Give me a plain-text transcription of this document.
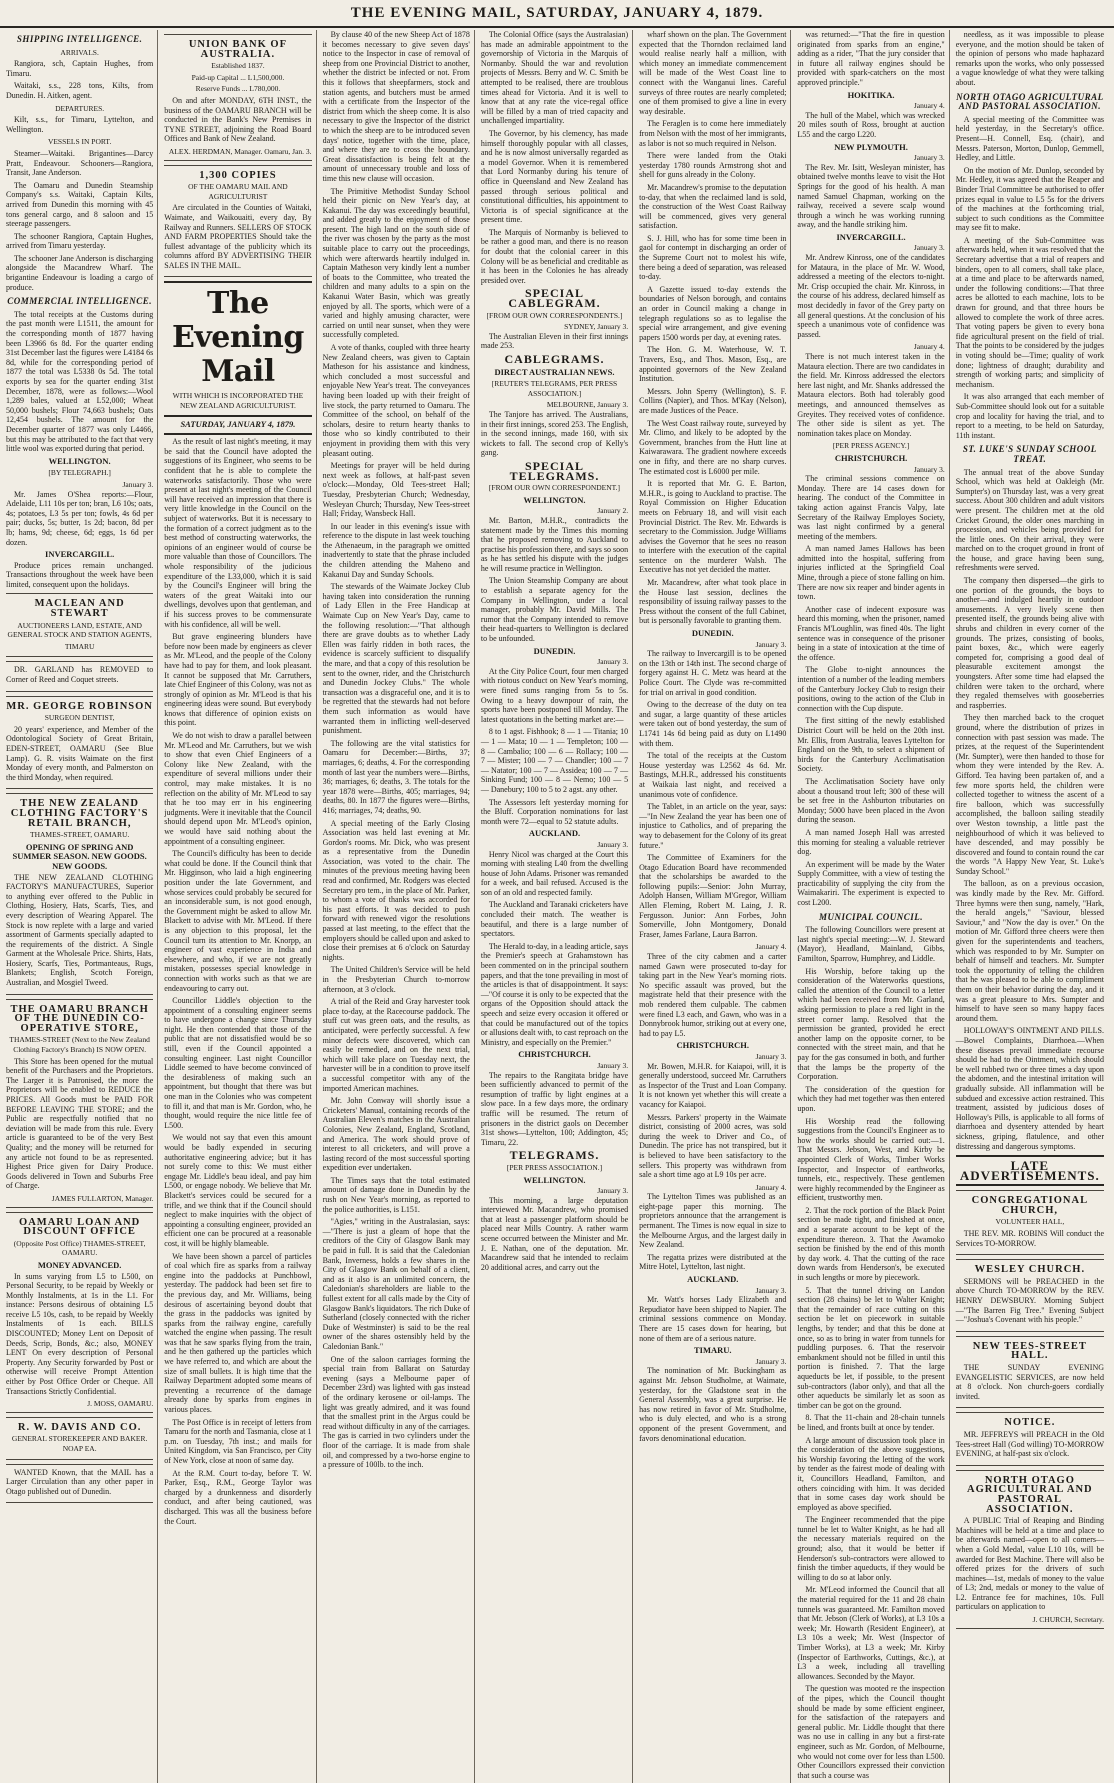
THE EVENING MAIL, SATURDAY, JANUARY 4, 1879.
SHIPPING INTELLIGENCE.
ARRIVALS.

Rangiora, sch, Captain Hughes, from Timaru.

Waitaki, s.s., 228 tons, Kilts, from Dunedin. H. Aitken, agent.

DEPARTURES.

Kilt, s.s., for Timaru, Lyttelton, and Wellington.

VESSELS IN PORT.

Steamer—Waitaki. Brigantines—Darcy Pratt, Endeavour. Schooners—Rangiora, Transit, Jane Anderson.

The Oamaru and Dunedin Steamship Company's s.s. Waitaki, Captain Kilts, arrived from Dunedin this morning with 45 tons general cargo, and 8 saloon and 15 steerage passengers.

The schooner Rangiora, Captain Hughes, arrived from Timaru yesterday.

The schooner Jane Anderson is discharging alongside the Macandrew Wharf. The brigantine Endeavour is loading a cargo of produce.

COMMERCIAL INTELLIGENCE.

The total receipts at the Customs during the past month were L1511, the amount for the corresponding month of 1877 having been L3966 6s 8d. For the quarter ending 31st December last the figures were L4184 6s 8d, while for the corresponding period of 1877 the total was L5338 0s 5d. The total exports by sea for the quarter ending 31st December, 1878, were as follows:—Wool 1,289 bales, valued at L52,000; Wheat 50,000 bushels; Flour 74,663 bushels; Oats 12,454 bushels. The amount for the December quarter of 1877 was only L4466, but this may be attributed to the fact that very little wool was exported during that period.

WELLINGTON.
[BY TELEGRAPH.]
January 3.

Mr. James O'Shea reports:—Flour, Adelaide, L11 10s per ton; bran, L6 10s; oats, 4s; potatoes, L3 5s per ton; fowls, 4s 6d per pair; ducks, 5s; butter, 1s 2d; bacon, 8d per lb; hams, 9d; cheese, 6d; eggs, 1s 6d per dozen.

INVERCARGILL.

Produce prices remain unchanged. Transactions throughout the week have been limited, consequent upon the holidays.

MACLEAN AND STEWART
AUCTIONEERS LAND, ESTATE, AND GENERAL STOCK AND STATION AGENTS,
TIMARU

DR. GARLAND has REMOVED to Corner of Reed and Coquet streets.

MR. GEORGE ROBINSON
SURGEON DENTIST,

20 years' experience, and Member of the Odontological Society of Great Britain, EDEN-STREET, OAMARU (See Blue Lamp). G. R. visits Waimate on the first Monday of every month, and Palmerston on the third Monday, when required.

THE NEW ZEALAND CLOTHING FACTORY'S RETAIL BRANCH,
THAMES-STREET, OAMARU.
OPENING OF SPRING AND SUMMER SEASON. NEW GOODS. NEW GOODS.

THE NEW ZEALAND CLOTHING FACTORY'S MANUFACTURES, Superior to anything ever offered to the Public in Clothing, Hosiery, Hats, Scarfs, Ties, and every description of Wearing Apparel. The Stock is now replete with a large and varied assortment of Garments specially adapted to the requirements of the district. A Single Garment at the Wholesale Price. Shirts, Hats, Hosiery, Scarfs, Ties, Portmanteaus, Rugs, Blankets; English, Scotch Foreign, Australian, and Mosgiel Tweed.

THE OAMARU BRANCH OF THE DUNEDIN CO-OPERATIVE STORE,
THAMES-STREET (Next to the New Zealand Clothing Factory's Branch) IS NOW OPEN.

This Store has been opened for the mutual benefit of the Purchasers and the Proprietors. The Larger it is Patronised, the more the Proprietors will be enabled to REDUCE the PRICES. All Goods must be PAID FOR BEFORE LEAVING THE STORE; and the Public are respectfully notified that no deviation will be made from this rule. Every article is guaranteed to be of the very Best Quality; and the money will be returned for any article not found to be as represented. Highest Price given for Dairy Produce. Goods delivered in Town and Suburbs Free of Charge.

JAMES FULLARTON, Manager.
OAMARU LOAN AND DISCOUNT OFFICE
(Opposite Post Office) THAMES-STREET, OAMARU.
MONEY ADVANCED.

In sums varying from L5 to L500, on Personal Security, to be repaid by Weekly or Monthly Instalments, at 1s in the L1. For instance: Persons desirous of obtaining L5 receive L5 10s, cash, to be repaid by Weekly Instalments of 1s each. BILLS DISCOUNTED; Money Lent on Deposit of Deeds, Scrip, Bonds, &c.; also, MONEY LENT On every description of Personal Property. Any Security forwarded by Post or otherwise will receive Prompt Attention either by Post Office Order or Cheque. All Transactions Strictly Confidential.

J. MOSS, OAMARU.
R. W. DAVIS AND CO.
GENERAL STOREKEEPER AND BAKER. NOAP EA.

WANTED Known, that the MAIL has a Larger Circulation than any other paper in Otago published out of Dunedin.

UNION BANK OF AUSTRALIA.
Established 1837.
Paid-up Capital ... L1,500,000.
Reserve Funds ... L780,000.

On and after MONDAY, 6TH INST., the business of the OAMARU BRANCH will be conducted in the Bank's New Premises in TYNE STREET, adjoining the Road Board Offices and Bank of New Zealand.

ALEX. HERDMAN, Manager. Oamaru, Jan. 3.
1,300 COPIES
OF THE OAMARU MAIL AND AGRICULTURIST

Are circulated in the Counties of Waitaki, Waimate, and Waikouaiti, every day, By Railway and Runners. SELLERS OF STOCK AND FARM PROPERTIES Should take the fullest advantage of the publicity which its columns afford BY ADVERTISING THEIR SALES IN THE MAIL.

The Evening Mail
WITH WHICH IS INCORPORATED THE NEW ZEALAND AGRICULTURIST.
SATURDAY, JANUARY 4, 1879.

As the result of last night's meeting, it may be said that the Council have adopted the suggestions of its Engineer, who seems to be confident that he is able to complete the waterworks satisfactorily. Those who were present at last night's meeting of the Council will have received an impression that there is very little knowledge in the Council on the subject of waterworks. But it is necessary to the formation of a correct judgment as to the best method of constructing waterworks, the opinions of an engineer would of course be more valuable than those of Councillors. The whole responsibility of the judicious expenditure of the L33,000, which it is said by the Council's Engineer will bring the waters of the great Waitaki into our dwellings, devolves upon that gentleman, and if his success proves to be commensurate with his confidence, all will be well.

But grave engineering blunders have before now been made by engineers as clever as Mr. M'Leod, and the people of the Colony have had to pay for them, and look pleasant. It cannot be supposed that Mr. Carruthers, late Chief Engineer of this Colony, was not as strongly of opinion as Mr. M'Leod is that his engineering ideas were sound. But everybody knows that difference of opinion exists on this point.

We do not wish to draw a parallel between Mr. M'Leod and Mr. Carruthers, but we wish to show that even Chief Engineers of a Colony like New Zealand, with the expenditure of several millions under their control, may make mistakes. It is no reflection on the ability of Mr. M'Leod to say that he too may err in his engineering judgments. Were it inevitable that the Council should depend upon Mr. M'Leod's opinion, we would have said nothing about the appointment of a consulting engineer.

The Council's difficulty has been to decide what could be done. If the Council think that Mr. Higginson, who laid a high engineering position under the late Government, and whose services could probably be secured for an inconsiderable sum, is not good enough, the Government might be asked to allow Mr. Blackett to advise with Mr. M'Leod. If there is any objection to this proposal, let the Council turn its attention to Mr. Knorpp, an engineer of vast experience in India and elsewhere, and who, if we are not greatly mistaken, possesses special knowledge in connection with works such as that we are endeavouring to carry out.

Councillor Liddle's objection to the appointment of a consulting engineer seems to have undergone a change since Thursday night. He then contended that those of the public that are not dissatisfied would be so still, even if the Council appointed a consulting engineer. Last night Councillor Liddle seemed to have become convinced of the desirableness of making such an appointment, but thought that there was but one man in the Colonies who was competent to fill it, and that man is Mr. Gordon, who, he thought, would require the nice little fee of L500.

We would not say that even this amount would be badly expended in securing authoritative engineering advice; but it has not surely come to this: We must either engage Mr. Liddle's beau ideal, and pay him L500, or engage nobody. We believe that Mr. Blackett's services could be secured for a trifle, and we think that if the Council should neglect to make inquiries with the object of appointing a consulting engineer, provided an efficient one can be procured at a reasonable cost, it will be highly blameable.

We have been shown a parcel of particles of coal which fire as sparks from a railway engine into the paddocks at Punchbowl, yesterday. The paddock had been set fire to the previous day, and Mr. Williams, being desirous of ascertaining beyond doubt that the grass in the paddocks was ignited by sparks from the railway engine, carefully watched the engine when passing. The result was that he saw sparks flying from the train, and he then gathered up the particles which we have referred to, and which are about the size of small bullets. It is high time that the Railway Department adopted some means of preventing a recurrence of the damage already done by sparks from engines in various places.

The Post Office is in receipt of letters from Tamaru for the north and Tasmania, close at 1 p.m. on Tuesday, 7th inst.; and mails for United Kingdom, via San Francisco, per City of New York, close at noon of same day.

At the R.M. Court to-day, before T. W. Parker, Esq., R.M., George Taylor was charged by a drunkenness and disorderly conduct, and after being cautioned, was discharged. This was all the business before the Court.

By clause 40 of the new Sheep Act of 1878 it becomes necessary to give seven days' notice to the Inspector in case of removal of sheep from one Provincial District to another, whether the district be infected or not. From this it follows that sheepfarmers, stock and station agents, and butchers must be armed with a certificate from the Inspector of the district from which the sheep come. It is also necessary to give the Inspector of the district to which the sheep are to be introduced seven days' notice, together with the time, place, and where they are to cross the boundary. Great dissatisfaction is being felt at the amount of unnecessary trouble and loss of time this new clause will occasion.

The Primitive Methodist Sunday School held their picnic on New Year's day, at Kakanui. The day was exceedingly beautiful, and added greatly to the enjoyment of those present. The high land on the south side of the river was chosen by the party as the most suitable place to carry out the proceedings, which were afterwards heartily indulged in. Captain Matheson very kindly lent a number of boats to the Committee, who treated the children and many adults to a spin on the Kakanui Water Basin, which was greatly enjoyed by all. The sports, which were of a varied and highly amusing character, were carried on until near sunset, when they were successfully completed.

A vote of thanks, coupled with three hearty New Zealand cheers, was given to Captain Matheson for his assistance and kindness, which concluded a most successful and enjoyable New Year's treat. The conveyances having been loaded up with their freight of live stock, the party returned to Oamaru. The Committee of the school, on behalf of the scholars, desire to return hearty thanks to those who so kindly contributed to their enjoyment in providing them with this very pleasant outing.

Meetings for prayer will be held during next week as follows, at half-past seven o'clock:—Monday, Old Tees-street Hall; Tuesday, Presbyterian Church; Wednesday, Wesleyan Church; Thursday, New Tees-street Hall; Friday, Wansbeck Hall.

In our leader in this evening's issue with reference to the dispute in last week touching the Athenaeum, in the paragraph we omitted inadvertently to state that the phrase included the children attending the Maheno and Kakanui Day and Sunday Schools.

The stewards of the Waimate Jockey Club having taken into consideration the running of Lady Ellen in the Free Handicap at Waimate Cup on New Year's Day, came to the following resolution:—"That although there are grave doubts as to whether Lady Ellen was fairly ridden in both races, the evidence is scarcely sufficient to disqualify the mare, and that a copy of this resolution be sent to the owner, rider, and the Christchurch and Dunedin Jockey Clubs." The whole transaction was a disgraceful one, and it is to be regretted that the stewards had not before them such information as would have warranted them in inflicting well-deserved punishment.

The following are the vital statistics for Oamaru for December:—Births, 37; marriages, 6; deaths, 4. For the corresponding month of last year the numbers were—Births, 36; marriages, 6; deaths, 3. The totals for the year 1878 were—Births, 405; marriages, 94; deaths, 80. In 1877 the figures were—Births, 416; marriages, 74; deaths, 90.

A special meeting of the Early Closing Association was held last evening at Mr. Gordon's rooms. Mr. Dick, who was present as a representative from the Dunedin Association, was voted to the chair. The minutes of the previous meeting having been read and confirmed, Mr. Rodgers was elected Secretary pro tem., in the place of Mr. Parker, to whom a vote of thanks was accorded for his past efforts. It was decided to push forward with renewed vigor the resolutions passed at last meeting, to the effect that the employers should be called upon and asked to close their premises at 6 o'clock on Saturday nights.

The United Children's Service will be held in the Presbyterian Church to-morrow afternoon, at 3 o'clock.

A trial of the Reid and Gray harvester took place to-day, at the Racecourse paddock. The stuff cut was green oats, and the results, as anticipated, were perfectly successful. A few minor defects were discovered, which can easily be remedied, and on the next trial, which will take place on Tuesday next, the harvester will be in a condition to prove itself a successful competitor with any of the imported American machines.

Mr. John Conway will shortly issue a Cricketers' Manual, containing records of the Australian Eleven's matches in the Australian Colonies, New Zealand, England, Scotland, and America. The work should prove of interest to all cricketers, and will prove a lasting record of the most successful sporting expedition ever undertaken.

The Times says that the total estimated amount of damage done in Dunedin by the rush on New Year's morning, as reported to the police authorities, is L151.

"Agies," writing in the Australasian, says:—"There is just a gleam of hope that the creditors of the City of Glasgow Bank may be paid in full. It is said that the Caledonian Bank, Inverness, holds a few shares in the City of Glasgow Bank on behalf of a client, and as it also is an unlimited concern, the Caledonian's shareholders are liable to the fullest extent for all calls made by the City of Glasgow Bank's liquidators. The rich Duke of Sutherland (closely connected with the richer Duke of Westminster) is said to be the real owner of the shares ostensibly held by the Caledonian Bank."

One of the saloon carriages forming the special train from Ballarat on Saturday evening (says a Melbourne paper of December 23rd) was lighted with gas instead of the ordinary kerosene or oil-lamps. The light was greatly admired, and it was found that the smallest print in the Argus could be read without difficulty in any of the carriages. The gas is carried in two cylinders under the floor of the carriage. It is made from shale oil, and compressed by a two-horse engine to a pressure of 100lb. to the inch.

The Colonial Office (says the Australasian) has made an admirable appointment to the governorship of Victoria in the Marquis of Normanby. Should the war and revolution projects of Messrs. Berry and W. C. Smith be attempted to be realised, there are troublous times ahead for Victoria. And it is well to know that at any rate the vice-regal office will be filled by a man of tried capacity and unchallenged impartiality.

The Governor, by his clemency, has made himself thoroughly popular with all classes, and he is now almost universally regarded as a model Governor. When it is remembered that Lord Normanby during his tenure of office in Queensland and New Zealand has passed through serious political and constitutional difficulties, his appointment to Victoria is of special significance at the present time.

The Marquis of Normanby is believed to be rather a good man, and there is no reason for doubt that the colonial career in this Colony will be as beneficial and creditable as it has been in the Colonies he has already presided over.

SPECIAL CABLEGRAM.
[FROM OUR OWN CORRESPONDENTS.]
SYDNEY, January 3.

The Australian Eleven in their first innings made 253.

CABLEGRAMS.
DIRECT AUSTRALIAN NEWS.
[REUTER'S TELEGRAMS, PER PRESS ASSOCIATION.]
MELBOURNE, January 3.

The Tanjore has arrived. The Australians, in their first innings, scored 253. The English, in the second innings, made 160, with six wickets to fall. The second crop of Kelly's gang.

SPECIAL TELEGRAMS.
[FROM OUR OWN CORRESPONDENT.]
WELLINGTON.
January 2.

Mr. Barton, M.H.R., contradicts the statement made by the Times this morning that he proposed removing to Auckland to practise his profession there, and says so soon as he has settled his dispute with the judges he will resume practice in Wellington.

The Union Steamship Company are about to establish a separate agency for the Company in Wellington, under a local manager, probably Mr. David Mills. The rumor that the Company intended to remove their head-quarters to Wellington is declared to be unfounded.

DUNEDIN.
January 3.

At the City Police Court, four men charged with riotous conduct on New Year's morning, were fined sums ranging from 5s to 5s. Owing to a heavy downpour of rain, the sports have been postponed till Monday. The latest quotations in the betting market are:—

8 to 1 agst. Fishhook; 8 — 1 — Titania; 10 — 1 — Mata; 10 — 1 — Templeton; 100 — 8 — Cambalio; 100 — 6 — Rollacy; 100 — 7 — Mister; 100 — 7 — Chandler; 100 — 7 — Natator; 100 — 7 — Assidea; 100 — 7 — Sinking Fund; 100 — 8 — Nemo; 100 — 5 — Danebury; 100 to 5 to 2 agst. any other.

The Assessors left yesterday morning for the Bluff. Corporation nominations for last month were 72—equal to 52 statute adults.

AUCKLAND.
January 3.

Henry Nicol was charged at the Court this morning with stealing L40 from the dwelling house of John Adams. Prisoner was remanded for a week, and bail refused. Accused is the son of an old and respected family.

The Auckland and Taranaki cricketers have concluded their match. The weather is beautiful, and there is a large number of spectators.

The Herald to-day, in a leading article, says the Premier's speech at Grahamstown has been commented on in the principal southern papers, and that the tone prevailing in most of the articles is that of disappointment. It says:—"Of course it is only to be expected that the organs of the Opposition should attack the speech and seize every occasion it offered or that could be manufactured out of the topics or allusions dealt with, to cast reproach on the Ministry, and especially on the Premier."

CHRISTCHURCH.
January 3.

The repairs to the Rangitata bridge have been sufficiently advanced to permit of the resumption of traffic by light engines at a slow pace. In a few days more, the ordinary traffic will be resumed. The return of prisoners in the district gaols on December 31st shows—Lyttelton, 100; Addington, 45; Timaru, 22.

TELEGRAMS.
[PER PRESS ASSOCIATION.]
WELLINGTON.
January 3.

This morning, a large deputation interviewed Mr. Macandrew, who promised that at least a passenger platform should be placed near Mills Country. A rather warm scene occurred between the Minister and Mr. J. E. Nathan, one of the deputation. Mr. Macandrew said that he intended to reclaim 20 additional acres, and carry out the

wharf shown on the plan. The Government expected that the Thorndon reclaimed land would realise nearly half a million, with which money an immediate commencement will be made of the West Coast line to connect with the Wanganui lines. Careful surveys of three routes are nearly completed; one of them promised to give a line in every way desirable.

The Feraglen is to come here immediately from Nelson with the most of her immigrants, as labor is not so much required in Nelson.

There were landed from the Otaki yesterday 1780 rounds Armstrong shot and shell for guns already in the Colony.

Mr. Macandrew's promise to the deputation to-day, that when the reclaimed land is sold, the construction of the West Coast Railway will be commenced, gives very general satisfaction.

S. J. Hill, who has for some time been in gaol for contempt in discharging an order of the Supreme Court not to molest his wife, there being a deed of separation, was released to-day.

A Gazette issued to-day extends the boundaries of Nelson borough, and contains an order in Council making a change in telegraph regulations so as to legalise the special wire arrangement, and give evening papers 1500 words per day, at evening rates.

The Hon. G. M. Waterhouse, W. T. Travers, Esq., and Thos. Mason, Esq., are appointed governors of the New Zealand Institution.

Messrs. John Sperry (Wellington), S. F. Collins (Napier), and Thos. M'Kay (Nelson), are made Justices of the Peace.

The West Coast railway route, surveyed by Mr. Climo, and likely to be adopted by the Government, branches from the Hutt line at Kaiwarawara. The gradient nowhere exceeds one in fifty, and there are no sharp curves. The estimated cost is L6000 per mile.

It is reported that Mr. G. E. Barton, M.H.R., is going to Auckland to practise. The Royal Commission on Higher Education meets on February 18, and will visit each Provincial District. The Rev. Mr. Edwards is secretary to the Commission. Judge Williams advises the Governor that he sees no reason to interfere with the execution of the capital sentence on the murderer Walsh. The Executive has not yet decided the matter.

Mr. Macandrew, after what took place in the House last session, declines the responsibility of issuing railway passes to the Press without the consent of the full Cabinet, but is personally favorable to granting them.

DUNEDIN.
January 3.

The railway to Invercargill is to be opened on the 13th or 14th inst. The second charge of forgery against H. C. Metz was heard at the Police Court. The Clyde was re-committed for trial on arrival in good condition.

Owing to the decrease of the duty on tea and sugar, a large quantity of these articles were taken out of bond yesterday, the sum of L1741 14s 6d being paid as duty on L1490 with them.

The total of the receipts at the Custom House yesterday was L2562 4s 6d. Mr. Bastings, M.H.R., addressed his constituents at Waikaia last night, and received a unanimous vote of confidence.

The Tablet, in an article on the year, says:—"In New Zealand the year has been one of injustice to Catholics, and of preparing the way to debasement for the Colony of its great future."

The Committee of Examiners for the Otago Education Board have recommended that the scholarships be awarded to the following pupils:—Senior: John Murray, Adolph Hansen, William M'Gregor, William Allen Fleming, Robert M. Laing, J. R. Fergusson. Junior: Ann Forbes, John Somerville, John Montgomery, Donald Fraser, James Farlane, Laura Barron.

January 4.

Three of the city cabmen and a carter named Gawn were prosecuted to-day for taking part in the New Year's morning riots. No specific assault was proved, but the magistrate held that their presence with the mob rendered them culpable. The cabmen were fined L3 each, and Gawn, who was in a Donnybrook humor, striking out at every one, had to pay L5.

CHRISTCHURCH.
January 3.

Mr. Bowen, M.H.R. for Kaiapoi, will, it is generally understood, succeed Mr. Carruthers as Inspector of the Trust and Loan Company. It is not known yet whether this will create a vacancy for Kaiapoi.

Messrs. Parkers' property in the Waimate district, consisting of 2000 acres, was sold during the week to Driver and Co., of Dunedin. The price has not transpired, but it is believed to have been satisfactory to the sellers. This property was withdrawn from sale a short time ago at L9 10s per acre.

January 4.

The Lyttelton Times was published as an eight-page paper this morning. The proprietors announce that the arrangement is permanent. The Times is now equal in size to the Melbourne Argus, and the largest daily in New Zealand.

The regatta prizes were distributed at the Mitre Hotel, Lyttelton, last night.

AUCKLAND.
January 3.

Mr. Watt's horses Lady Elizabeth and Repudiator have been shipped to Napier. The criminal sessions commence on Monday. There are 15 cases down for hearing, but none of them are of a serious nature.

TIMARU.
January 3.

The nomination of Mr. Buckingham as against Mr. Jebson Studholme, at Waimate, yesterday, for the Gladstone seat in the General Assembly, was a great surprise. He has now retired in favor of Mr. Studholme, who is duly elected, and who is a strong opponent of the present Government, and favors denominational education.

was returned:—"That the fire in question originated from sparks from an engine," adding as a rider, "That the jury consider that in future all railway engines should be provided with spark-catchers on the most approved principle."

HOKITIKA.
January 4.

The hull of the Mabel, which was wrecked 20 miles south of Ross, brought at auction L55 and the cargo L220.

NEW PLYMOUTH.
January 3.

The Rev. Mr. Isitt, Wesleyan minister, has obtained twelve months leave to visit the Hot Springs for the good of his health. A man named Samuel Chapman, working on the railway, received a severe scalp wound through a winch he was working running away, and the handle striking him.

INVERCARGILL.
January 3.

Mr. Andrew Kinross, one of the candidates for Mataura, in the place of Mr. W. Wood, addressed a meeting of the electors to-night. Mr. Crisp occupied the chair. Mr. Kinross, in the course of his address, declared himself as most decidedly in favor of the Grey party on all general questions. At the conclusion of his speech a unanimous vote of confidence was passed.

January 4.

There is not much interest taken in the Mataura election. There are two candidates in the field. Mr. Kinross addressed the electors here last night, and Mr. Shanks addressed the Mataura electors. Both had tolerably good meetings, and announced themselves as Greyites. They received votes of confidence. The other side is silent as yet. The nomination takes place on Monday.

[PER PRESS AGENCY.]
CHRISTCHURCH.
January 3.

The criminal sessions commence on Monday. There are 14 cases down for hearing. The conduct of the Committee in taking action against Francis Valpy, late Secretary of the Railway Employes Society, was last night confirmed by a general meeting of the members.

A man named James Hallows has been admitted into the hospital, suffering from injuries inflicted at the Springfield Coal Mine, through a piece of stone falling on him. There are now six reaper and binder agents in town.

Another case of indecent exposure was heard this morning, when the prisoner, named Francis M'Loughlin, was fined 40s. The light sentence was in consequence of the prisoner being in a state of intoxication at the time of the offence.

The Globe to-night announces the intention of a number of the leading members of the Canterbury Jockey Club to resign their positions, owing to the action of the Club in connection with the Cup dispute.

The first sitting of the newly established District Court will be held on the 20th inst. Mr. Ellis, from Australia, leaves Lyttelton for England on the 9th, to select a shipment of birds for the Canterbury Acclimatisation Society.

The Acclimatisation Society have only about a thousand trout left; 300 of these will be set free in the Ashburton tributaries on Monday; 5000 have been placed in the Avon during the season.

A man named Joseph Hall was arrested this morning for stealing a valuable retriever dog.

An experiment will be made by the Water Supply Committee, with a view of testing the practicability of supplying the city from the Waimakariri. The experiment is expected to cost L200.

MUNICIPAL COUNCIL.

The following Councillors were present at last night's special meeting:—W. J. Steward (Mayor), Headland, Mainland, Gibbs, Familton, Sparrow, Humphrey, and Liddle.

His Worship, before taking up the consideration of the Waterworks questions, called the attention of the Council to a letter which had been received from Mr. Garland, asking permission to place a red light in the street corner lamp. Resolved that the permission be granted, provided he erect another lamp on the opposite corner, to be connected with the street main, and that he pay for the gas consumed in both, and further that the lamps be the property of the Corporation.

The consideration of the question for which they had met together was then entered upon.

His Worship read the following suggestions from the Council's Engineer as to how the works should be carried out:—1. That Messrs. Jebson, West, and Kirby be appointed Clerk of Works, Timber Works Inspector, and Inspector of earthworks, tunnels, etc., respectively. These gentlemen were highly recommended by the Engineer as efficient, trustworthy men.

2. That the rock portion of the Black Point section be made tight, and finished at once, and a separate account to be kept of the expenditure thereon. 3. That the Awamoko section be finished by the end of this month by day work. 4. That the cutting of the race down wards from Henderson's, be executed in such lengths or more by piecework.

5. That the tunnel driving on Landon section (28 chains) be let to Walter Knight; that the remainder of race cutting on this section be let on piecework in suitable lengths, by tender; and that this be done at once, so as to bring in water from tunnels for puddling purposes. 6. That the reservoir embankment should not be filled in until this portion is finished. 7. That the large aqueducts be let, if possible, to the present sub-contractors (labor only), and that all the other aqueducts be similarly let as soon as timber can be got on the ground.

8. That the 11-chain and 28-chain tunnels be lined, and fronts built at once by tender.

A large amount of discussion took place in the consideration of the above suggestions, his Worship favoring the letting of the work by tender as the fairest mode of dealing with it, Councillors Headland, Familton, and others coinciding with him. It was decided that in some cases day work should be employed as above specified.

The Engineer recommended that the pipe tunnel be let to Walter Knight, as he had all the necessary materials required on the ground; also, that it would be better if Henderson's sub-contractors were allowed to finish the timber aqueducts, if they would be willing to do so at labor only.

Mr. M'Leod informed the Council that all the material required for the 11 and 28 chain tunnels was guaranteed. Mr. Familton moved that Mr. Jebson (Clerk of Works), at L3 10s a week; Mr. Howarth (Resident Engineer), at L3 10s a week; Mr. West (Inspector of Timber Works), at L3 a week; Mr. Kirby (Inspector of Earthworks, Cuttings, &c.), at L3 a week, including all travelling allowances. Seconded by the Mayor.

The question was mooted re the inspection of the pipes, which the Council thought should be made by some efficient engineer, for the satisfaction of the ratepayers and general public. Mr. Liddle thought that there was no use in calling in any but a first-rate engineer, such as Mr. Gordon, of Melbourne, who would not come over for less than L500. Other Councillors expressed their conviction that such a course was

needless, as it was impossible to please everyone, and the motion should be taken of the opinion of persons who made haphazard remarks upon the works, who only possessed a vague knowledge of what they were talking about.

NORTH OTAGO AGRICULTURAL AND PASTORAL ASSOCIATION.

A special meeting of the Committee was held yesterday, in the Secretary's office. Present—H. Connell, Esq. (chair), and Messrs. Paterson, Morton, Dunlop, Gemmell, Hedley, and Little.

On the motion of Mr. Dunlop, seconded by Mr. Hedley, it was agreed that the Reaper and Binder Trial Committee be authorised to offer prizes equal in value to L5 5s for the drivers of the machines at the forthcoming trial, subject to such conditions as the Committee may see fit to make.

A meeting of the Sub-Committee was afterwards held, when it was resolved that the Secretary advertise that a trial of reapers and binders, open to all comers, shall take place, at a time and place to be afterwards named, under the following conditions:—That three acres be allotted to each machine, lots to be drawn for ground, and that three hours be allowed to complete the work of three acres. That voting papers be given to every bona fide agricultural present on the field of trial. That the points to be considered by the judges in voting should be—Time; quality of work done; lightness of draught; durability and strength of working parts; and simplicity of mechanism.

It was also arranged that each member of Sub-Committee should look out for a suitable crop and locality for having the trial, and to report to a meeting, to be held on Saturday, 11th instant.

ST. LUKE'S SUNDAY SCHOOL TREAT.

The annual treat of the above Sunday School, which was held at Oakleigh (Mr. Sumpter's) on Thursday last, was a very great success. About 300 children and adult visitors were present. The children met at the old Cricket Ground, the older ones marching in procession, and vehicles being provided for the little ones. On their arrival, they were marched on to the croquet ground in front of the house, and grace having been sung, refreshments were served.

The company then dispersed—the girls to one portion of the grounds, the boys to another—and indulged heartily in outdoor amusements. A very lively scene then presented itself, the grounds being alive with shrubs and children in every corner of the grounds. The prizes, consisting of books, paint boxes, &c., which were eagerly competed for, comprising a good deal of pleasurable excitement amongst the youngsters. After some time had elapsed the children were taken to the orchard, where they regaled themselves with gooseberries and raspberries.

They then marched back to the croquet ground, where the distribution of prizes in connection with past session was made. The prizes, at the request of the Superintendent (Mr. Sumpter), were then handed to those for whom they were intended by the Rev. A. Gifford. Tea having been partaken of, and a few more sports held, the children were collected together to witness the ascent of a fire balloon, which was successfully accomplished, the balloon sailing steadily over Weston township, a little past the neighbourhood of which it was believed to have descended, and may possibly be discovered and found to contain round the car the words "A Happy New Year, St. Luke's Sunday School."

The balloon, as on a previous occasion, was kindly made by the Rev. Mr. Gifford. Three hymns were then sung, namely, "Hark, the herald angels," "Saviour, blessed Saviour," and "Now the day is over." On the motion of Mr. Gifford three cheers were then given for the superintendents and teachers, which was responded to by Mr. Sumpter on behalf of himself and teachers. Mr. Sumpter took the opportunity of telling the children that he was pleased to be able to compliment them on their behavior during the day, and it was a great pleasure to Mrs. Sumpter and himself to have seen so many happy faces around them.

HOLLOWAY'S OINTMENT AND PILLS.—Bowel Complaints, Diarrhoea.—When these diseases prevail immediate recourse should be had to the Ointment, which should be well rubbed two or three times a day upon the abdomen, and the intestinal irritation will gradually subside. All inflammation will be subdued and excessive action restrained. This treatment, assisted by judicious doses of Holloway's Pills, is applicable to all forms of diarrhoea and dysentery attended by heart sickness, griping, flatulence, and other distressing and dangerous symptoms.

LATE ADVERTISEMENTS.
CONGREGATIONAL CHURCH,
VOLUNTEER HALL,

THE REV. MR. ROBINS Will conduct the Services TO-MORROW.

WESLEY CHURCH.

SERMONS will be PREACHED in the above Church TO-MORROW by the REV. HENRY DEWSBURY. Morning Subject—"The Barren Fig Tree." Evening Subject—"Joshua's Covenant with his people."

NEW TEES-STREET HALL.

THE SUNDAY EVENING EVANGELISTIC SERVICES, are now held at 8 o'clock. Non church-goers cordially invited.

NOTICE.

MR. JEFFREYS will PREACH in the Old Tees-street Hall (God willing) TO-MORROW EVENING, at half-past six o'clock.

NORTH OTAGO AGRICULTURAL AND PASTORAL ASSOCIATION.

A PUBLIC Trial of Reaping and Binding Machines will be held at a time and place to be afterwards named—open to all comers—when a Gold Medal, value L10 10s, will be awarded for Best Machine. There will also be offered prizes for the drivers of such machines—1st, medals of money to the value of L3; 2nd, medals or money to the value of L2. Entrance fee for machines, 10s. Full particulars on application to

J. CHURCH, Secretary.
